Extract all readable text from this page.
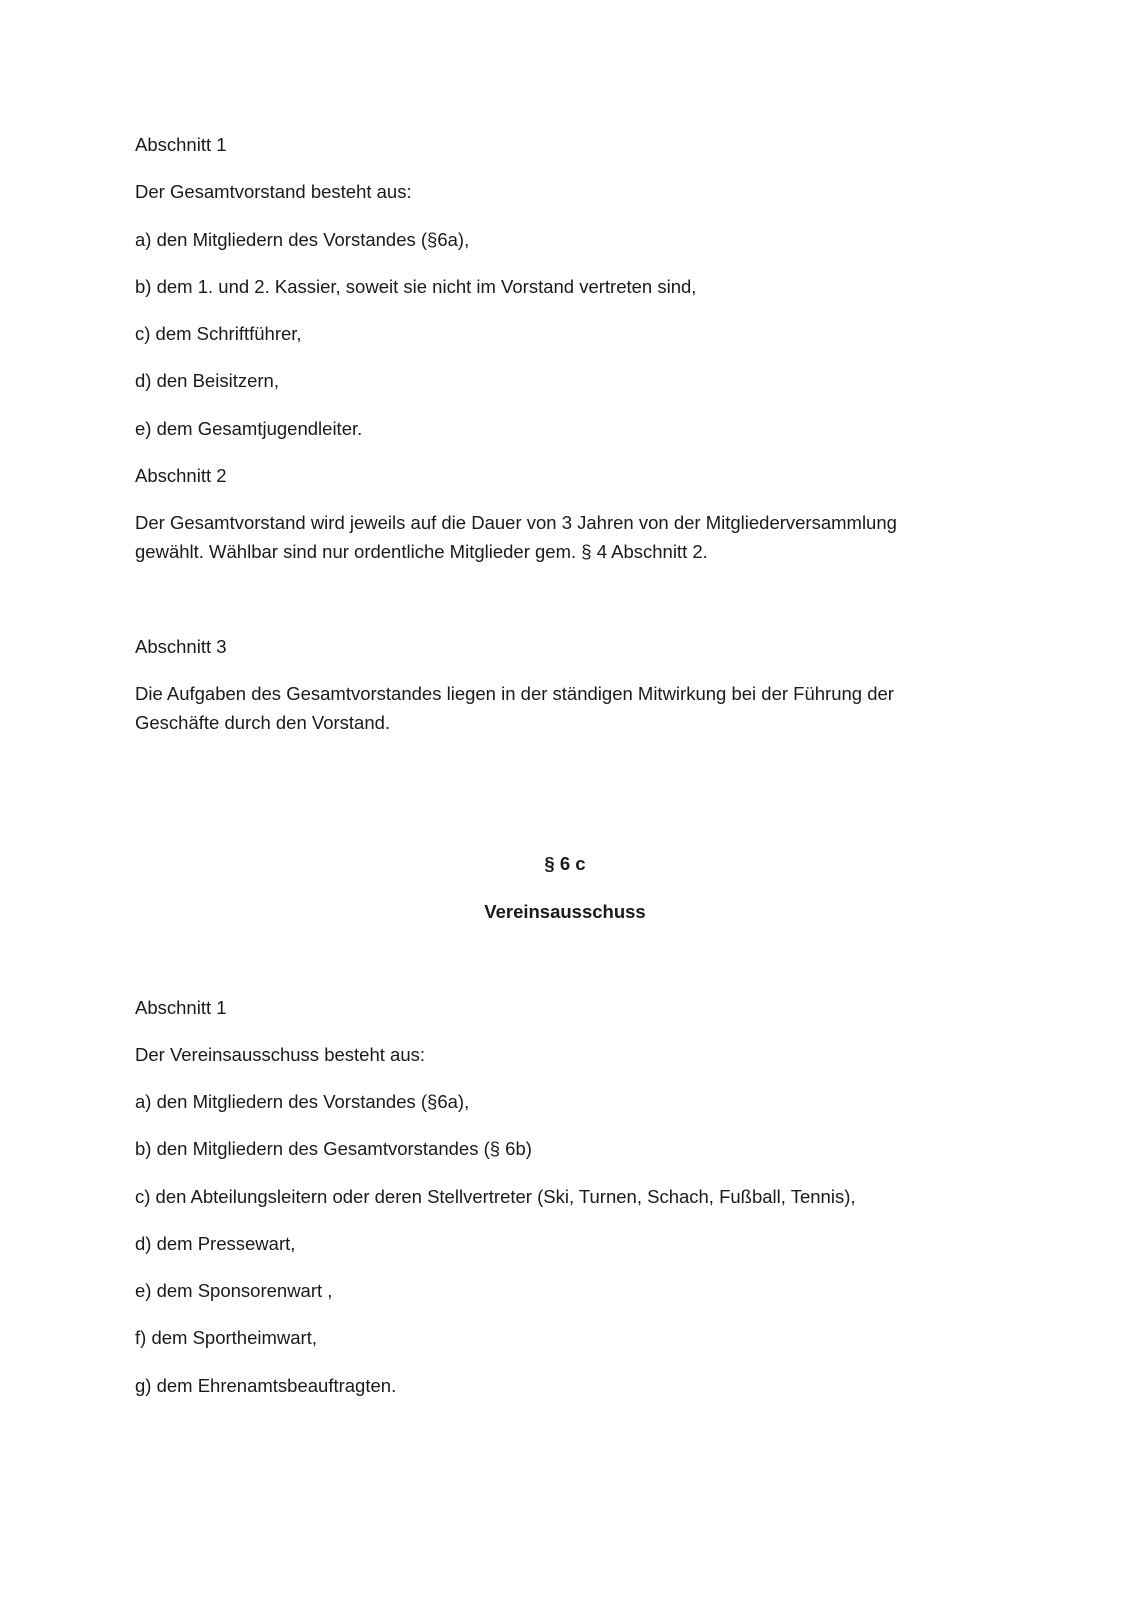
Abschnitt 1

Der Gesamtvorstand besteht aus:

a) den Mitgliedern des Vorstandes (§6a),

b) dem 1. und 2. Kassier, soweit sie nicht im Vorstand vertreten sind,

c) dem Schriftführer,

d) den Beisitzern,

e) dem Gesamtjugendleiter.

Abschnitt 2

Der Gesamtvorstand wird jeweils auf die Dauer von 3 Jahren von der Mitgliederversammlung
gewählt. Wählbar sind nur ordentliche Mitglieder gem. § 4 Abschnitt 2.

Abschnitt 3

Die Aufgaben des Gesamtvorstandes liegen in der ständigen Mitwirkung bei der Führung der
Geschäfte durch den Vorstand.

§ 6 c

Vereinsausschuss

Abschnitt 1

Der Vereinsausschuss besteht aus:

a) den Mitgliedern des Vorstandes (§6a),

b) den Mitgliedern des Gesamtvorstandes (§ 6b)

c) den Abteilungsleitern oder deren Stellvertreter (Ski, Turnen, Schach, Fußball, Tennis),

d) dem Pressewart,

e) dem Sponsorenwart ,

f) dem Sportheimwart,

g) dem Ehrenamtsbeauftragten.
